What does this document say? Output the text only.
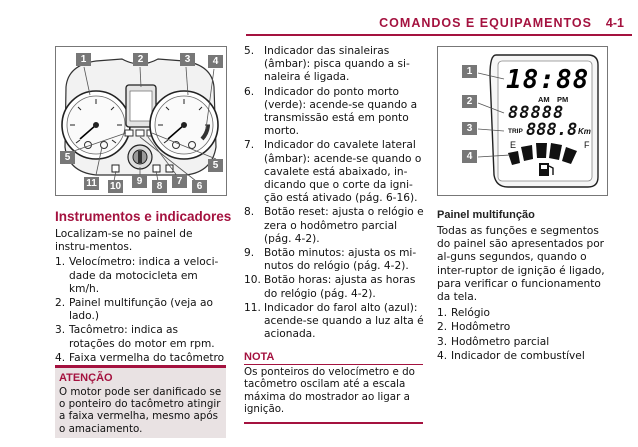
COMANDOS E EQUIPAMENTOS 4-1
1	2	3	4
5
5
11 10	9	8	7	6
18:88
AM PM
88888
TRIP 888.8 Km
E	F
1
2
3
4
Instrumentos e indicadores

Localizam-se no painel de instru-mentos.

1. Velocímetro: indica a veloci-dade da motocicleta em km/h.
2. Painel multifunção (veja ao lado.)
3. Tacômetro: indica as rotações do motor em rpm.
4. Faixa vermelha do tacômetro
ATENÇÃO
O motor pode ser danificado se o ponteiro do tacômetro atingir a faixa vermelha, mesmo após o amaciamento.
5. Indicador das sinaleiras (âmbar): pisca quando a si-naleira é ligada.
6. Indicador do ponto morto (verde): acende-se quando a transmissão está em ponto morto.
7. Indicador do cavalete lateral (âmbar): acende-se quando o cavalete está abaixado, in-dicando que o corte da igni-ção está ativado (pág. 6-16).
8. Botão reset: ajusta o relógio e zera o hodômetro parcial (pág. 4-2).
9. Botão minutos: ajusta os mi-nutos do relógio (pág. 4-2).
10. Botão horas: ajusta as horas do relógio (pág. 4-2).
11. Indicador do farol alto (azul): acende-se quando a luz alta é acionada.
NOTA
Os ponteiros do velocímetro e do tacômetro oscilam até a escala máxima do mostrador ao ligar a ignição.
Painel multifunção

Todas as funções e segmentos do painel são apresentados por al-guns segundos, quando o inter-ruptor de ignição é ligado, para verificar o funcionamento da tela.

1. Relógio
2. Hodômetro
3. Hodômetro parcial
4. Indicador de combustível
